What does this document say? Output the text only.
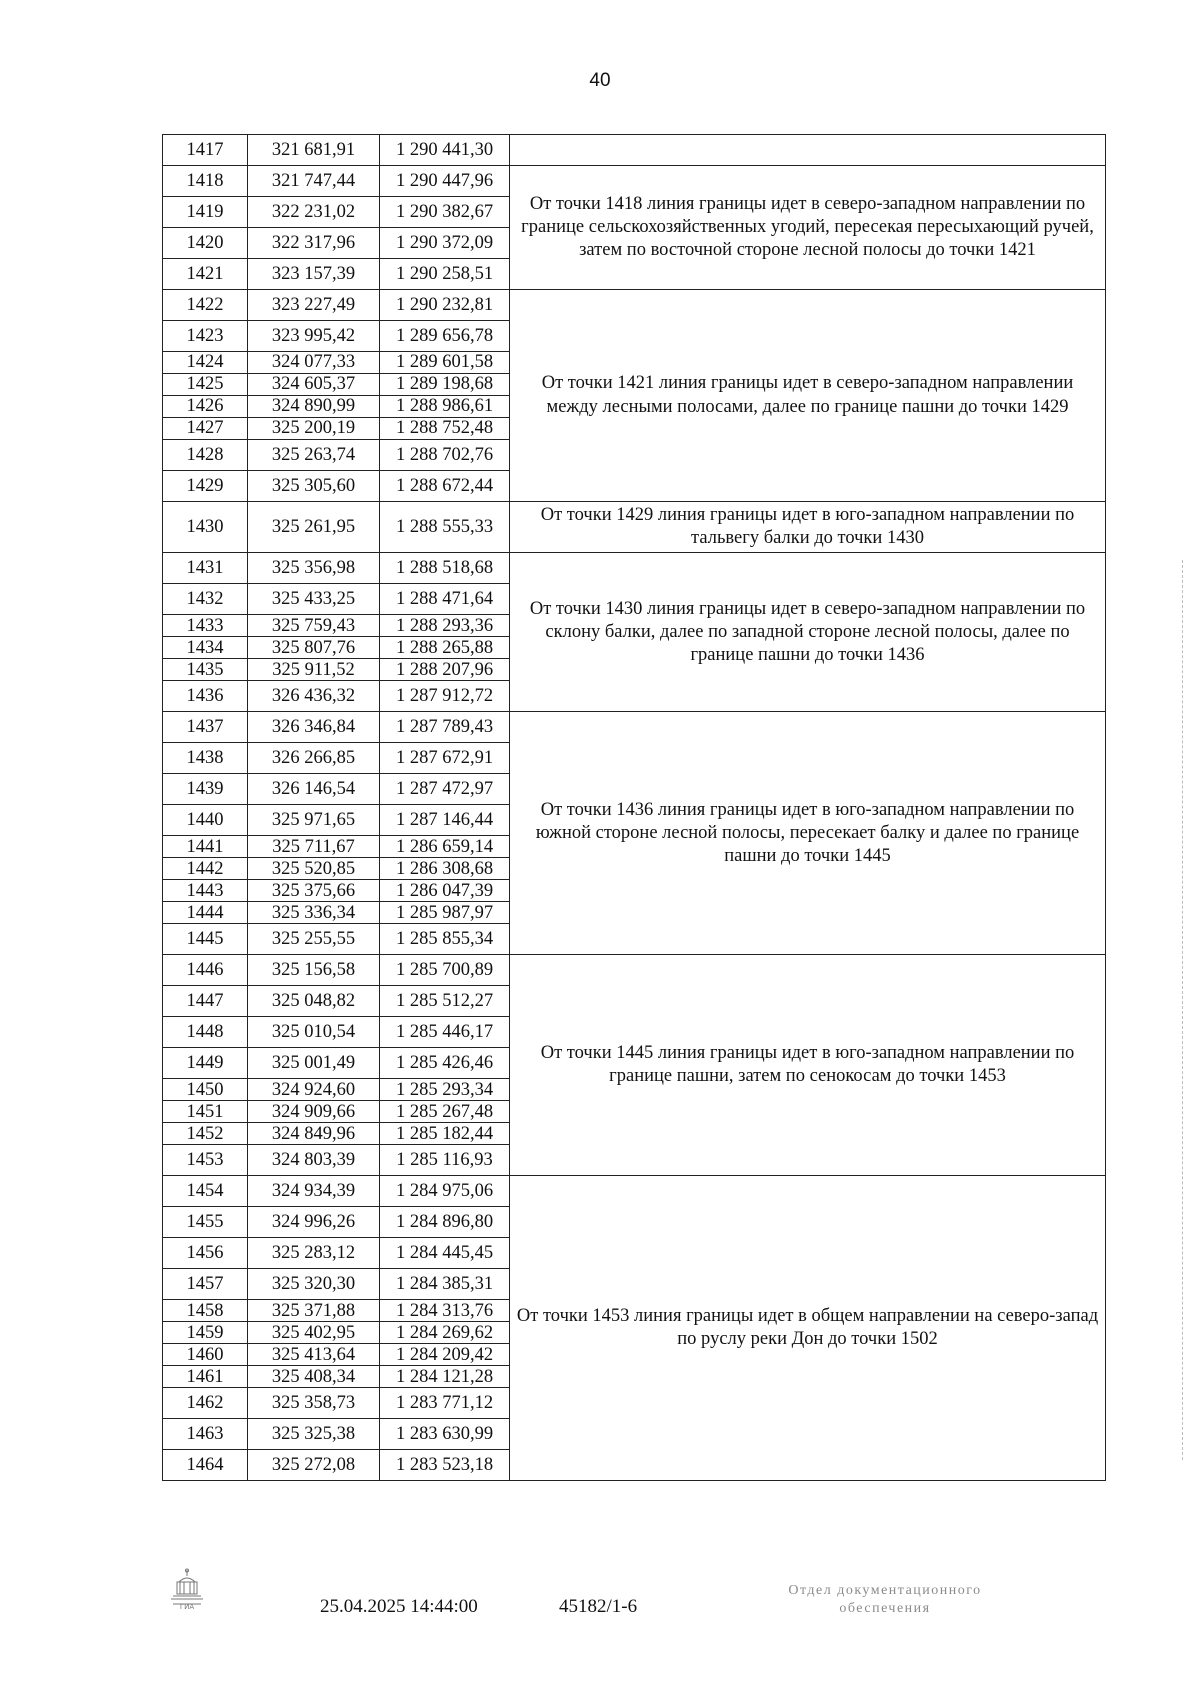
40
1417	321 681,91	1 290 441,30	
1418	321 747,44	1 290 447,96	От точки 1418 линия границы идет в северо-западном направлении по границе сельскохозяйственных угодий, пересекая пересыхающий ручей, затем по восточной стороне лесной полосы до точки 1421
1419	322 231,02	1 290 382,67	
1420	322 317,96	1 290 372,09	
1421	323 157,39	1 290 258,51	
1422	323 227,49	1 290 232,81	От точки 1421 линия границы идет в северо-западном направлении между лесными полосами, далее по границе пашни до точки 1429
1423	323 995,42	1 289 656,78	
1424	324 077,33	1 289 601,58	
1425	324 605,37	1 289 198,68	
1426	324 890,99	1 288 986,61	
1427	325 200,19	1 288 752,48	
1428	325 263,74	1 288 702,76	
1429	325 305,60	1 288 672,44	
1430	325 261,95	1 288 555,33	От точки 1429 линия границы идет в юго-западном направлении по тальвегу балки до точки 1430
1431	325 356,98	1 288 518,68	От точки 1430 линия границы идет в северо-западном направлении по склону балки, далее по западной стороне лесной полосы, далее по границе пашни до точки 1436
1432	325 433,25	1 288 471,64	
1433	325 759,43	1 288 293,36	
1434	325 807,76	1 288 265,88	
1435	325 911,52	1 288 207,96	
1436	326 436,32	1 287 912,72	
1437	326 346,84	1 287 789,43	От точки 1436 линия границы идет в юго-западном направлении по южной стороне лесной полосы, пересекает балку и далее по границе пашни до точки 1445
1438	326 266,85	1 287 672,91	
1439	326 146,54	1 287 472,97	
1440	325 971,65	1 287 146,44	
1441	325 711,67	1 286 659,14	
1442	325 520,85	1 286 308,68	
1443	325 375,66	1 286 047,39	
1444	325 336,34	1 285 987,97	
1445	325 255,55	1 285 855,34	
1446	325 156,58	1 285 700,89	От точки 1445 линия границы идет в юго-западном направлении по границе пашни, затем по сенокосам до точки 1453
1447	325 048,82	1 285 512,27	
1448	325 010,54	1 285 446,17	
1449	325 001,49	1 285 426,46	
1450	324 924,60	1 285 293,34	
1451	324 909,66	1 285 267,48	
1452	324 849,96	1 285 182,44	
1453	324 803,39	1 285 116,93	
1454	324 934,39	1 284 975,06	От точки 1453 линия границы идет в общем направлении на северо-запад по руслу реки Дон до точки 1502
1455	324 996,26	1 284 896,80	
1456	325 283,12	1 284 445,45	
1457	325 320,30	1 284 385,31	
1458	325 371,88	1 284 313,76	
1459	325 402,95	1 284 269,62	
1460	325 413,64	1 284 209,42	
1461	325 408,34	1 284 121,28	
1462	325 358,73	1 283 771,12	
1463	325 325,38	1 283 630,99	
1464	325 272,08	1 283 523,18	
ГИА	25.04.2025 14:44:00	45182/1-6
Отдел документационного
обеспечения
